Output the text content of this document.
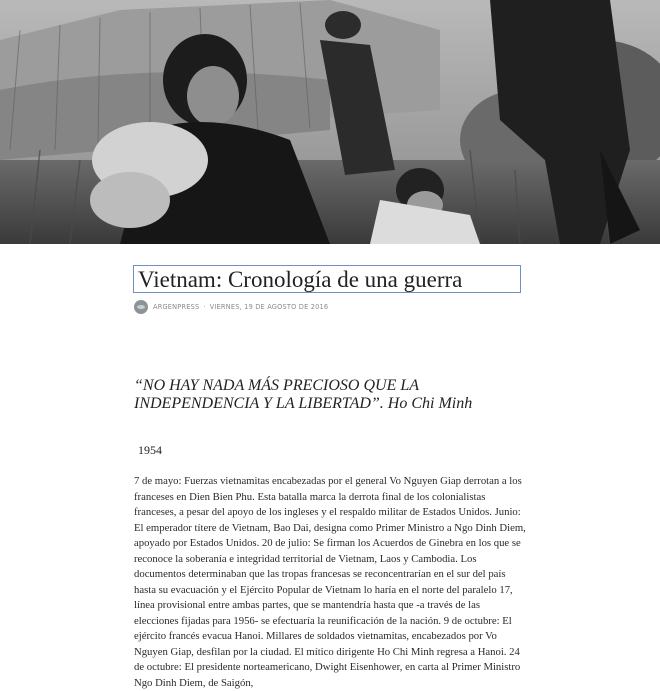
Vietnam: Cronología de una guerra
ARGENPRESS · VIERNES, 19 DE AGOSTO DE 2016

“NO HAY NADA MÁS PRECIOSO QUE LA INDEPENDENCIA Y LA LIBERTAD”. Ho Chi Minh

1954

7 de mayo: Fuerzas vietnamitas encabezadas por el general Vo Nguyen Giap derrotan a los franceses en Dien Bien Phu. Esta batalla marca la derrota final de los colonialistas franceses, a pesar del apoyo de los ingleses y el respaldo militar de Estados Unidos. Junio: El emperador títere de Vietnam, Bao Dai, designa como Primer Ministro a Ngo Dinh Diem, apoyado por Estados Unidos. 20 de julio: Se firman los Acuerdos de Ginebra en los que se reconoce la soberanía e integridad territorial de Vietnam, Laos y Cambodia. Los documentos determinaban que las tropas francesas se reconcentrarían en el sur del país hasta su evacuación y el Ejército Popular de Vietnam lo haría en el norte del paralelo 17, línea provisional entre ambas partes, que se mantendría hasta que -a través de las elecciones fijadas para 1956- se efectuaría la reunificación de la nación. 9 de octubre: El ejército francés evacua Hanoi. Millares de soldados vietnamitas, encabezados por Vo Nguyen Giap, desfilan por la ciudad. El mítico dirigente Ho Chi Minh regresa a Hanoi. 24 de octubre: El presidente norteamericano, Dwight Eisenhower, en carta al Primer Ministro Ngo Dinh Diem, de Saigón,
